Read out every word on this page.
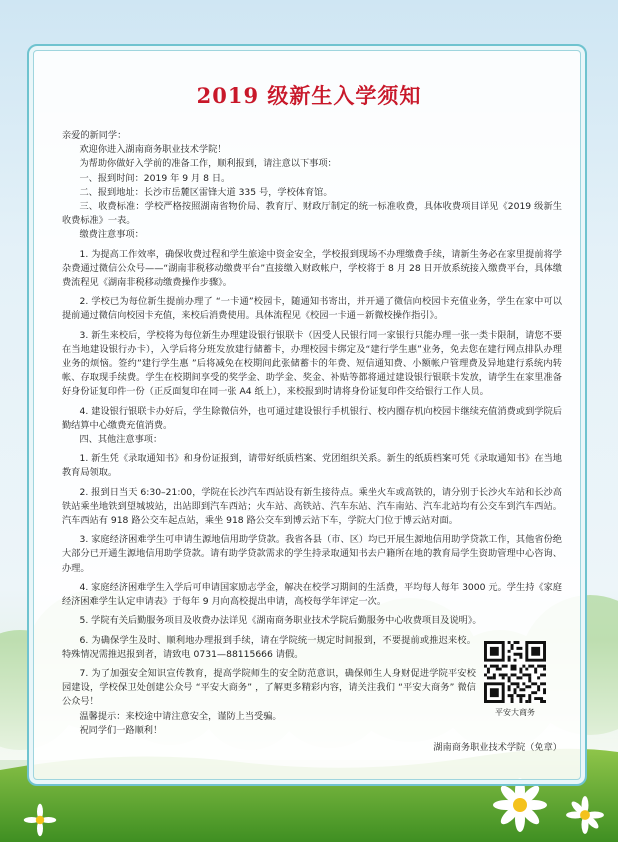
2019 级新生入学须知

亲爱的新同学：

欢迎你进入湖南商务职业技术学院！

为帮助你做好入学前的准备工作，顺利报到，请注意以下事项：

一、报到时间：2019 年 9 月 8 日。

二、报到地址：长沙市岳麓区雷锋大道 335 号，学校体育馆。

三、收费标准：学校严格按照湖南省物价局、教育厅、财政厅制定的统一标准收费，具体收费项目详见《2019 级新生收费标准》一表。

缴费注意事项：

1. 为提高工作效率，确保收费过程和学生旅途中资金安全，学校报到现场不办理缴费手续，请新生务必在家里提前将学杂费通过微信公众号——“湖南非税移动缴费平台”直接缴入财政帐户，学校将于 8 月 28 日开放系统接入缴费平台，具体缴费流程见《湖南非税移动缴费操作步骤》。

2. 学校已为每位新生提前办理了 “一卡通”校园卡，随通知书寄出，并开通了微信向校园卡充值业务，学生在家中可以提前通过微信向校园卡充值，来校后消费使用。具体流程见《校园一卡通－新微校操作指引》。

3. 新生来校后，学校将为每位新生办理建设银行银联卡（因受人民银行同一家银行只能办理一张一类卡限制，请您不要在当地建设银行办卡），入学后将分班发放建行储蓄卡，办理校园卡绑定及“建行学生惠”业务，免去您在建行网点排队办理业务的烦恼。签约”建行学生惠 ”后将减免在校期间此张储蓄卡的年费、短信通知费、小额帐户管理费及异地建行系统内转帐、存取现手续费。学生在校期间享受的奖学金、助学金、奖金、补贴等都将通过建设银行银联卡发放，请学生在家里准备好身份证复印件一份（正反面复印在同一张 A4 纸上），来校报到时请将身份证复印件交给银行工作人员。

4. 建设银行银联卡办好后，学生除微信外，也可通过建设银行手机银行、校内圈存机向校园卡继续充值消费或到学院后勤结算中心缴费充值消费。

四、其他注意事项：

1. 新生凭《录取通知书》和身份证报到，请带好纸质档案、党团组织关系。新生的纸质档案可凭《录取通知书》在当地教育局领取。

2. 报到日当天 6:30–21:00，学院在长沙汽车西站设有新生接待点。乘坐火车或高铁的，请分别于长沙火车站和长沙高铁站乘坐地铁到望城坡站，出站即到汽车西站；火车站、高铁站、汽车东站、汽车南站、汽车北站均有公交车到汽车西站。汽车西站有 918 路公交车起点站，乘坐 918 路公交车到博云站下车，学院大门位于博云站对面。

3. 家庭经济困难学生可申请生源地信用助学贷款。我省各县（市、区）均已开展生源地信用助学贷款工作，其他省份绝大部分已开通生源地信用助学贷款。请有助学贷款需求的学生持录取通知书去户籍所在地的教育局学生资助管理中心咨询、办理。

4. 家庭经济困难学生入学后可申请国家励志学金，解决在校学习期间的生活费，平均每人每年 3000 元。学生持《家庭经济困难学生认定申请表》于每年 9 月向高校提出申请，高校每学年评定一次。

5. 学院有关后勤服务项目及收费办法详见《湖南商务职业技术学院后勤服务中心收费项目及说明》。

6. 为确保学生及时、顺利地办理报到手续，请在学院统一规定时间报到，不要提前或推迟来校。特殊情况需推迟报到者，请致电 0731—88115666 请假。

7. 为了加强安全知识宣传教育，提高学院师生的安全防范意识，确保师生人身财促进学院平安校园建设，学校保卫处创建公众号 “平安大商务” ，了解更多精彩内容，请关注我们 “平安大商务” 微信公众号！

温馨提示：来校途中请注意安全，谨防上当受骗。

祝同学们一路顺利！

湖南商务职业技术学院（免章）

平安大商务
